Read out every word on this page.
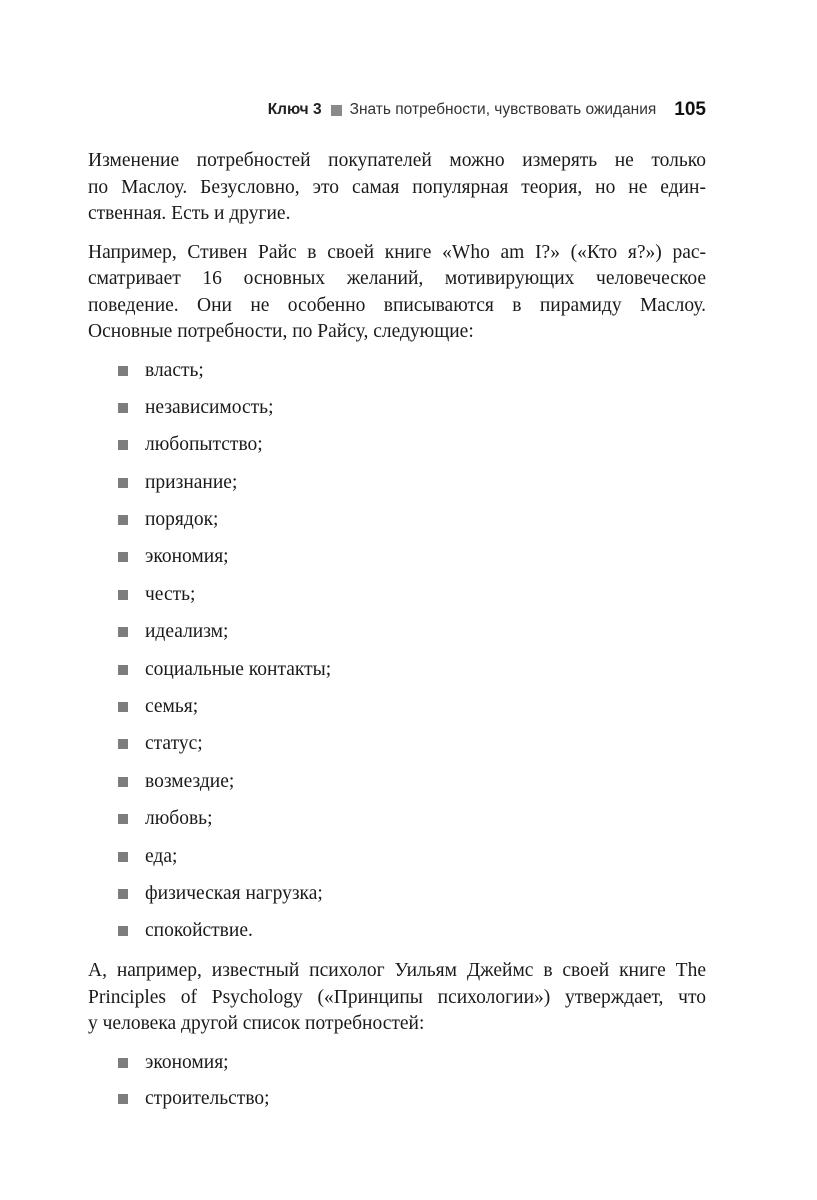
Ключ 3 Знать потребности, чувствовать ожидания 105

Изменение потребностей покупателей можно измерять не только
по Маслоу. Безусловно, это самая популярная теория, но не един-
ственная. Есть и другие.

Например, Стивен Райс в своей книге «Who am I?» («Кто я?») рас-
сматривает 16 основных желаний, мотивирующих человеческое
поведение. Они не особенно вписываются в пирамиду Маслоу.
Основные потребности, по Райсу, следующие:

власть;
независимость;
любопытство;
признание;
порядок;
экономия;
честь;
идеализм;
социальные контакты;
семья;
статус;
возмездие;
любовь;
еда;
физическая нагрузка;
спокойствие.

А, например, известный психолог Уильям Джеймс в своей книге The
Principles of Psychology («Принципы психологии») утверждает, что
у человека другой список потребностей:

экономия;
строительство;
